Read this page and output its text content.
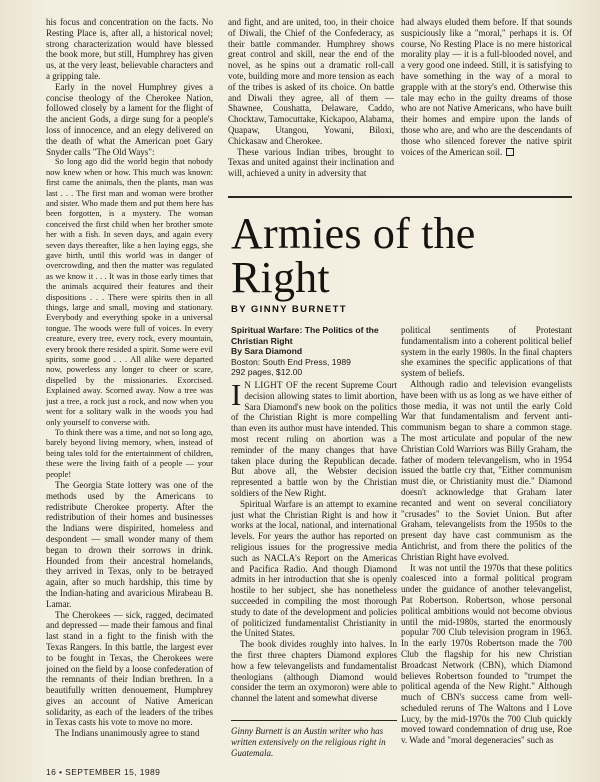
his focus and concentration on the facts. No Resting Place is, after all, a historical novel; strong characterization would have blessed the book more, but still, Humphrey has given us, at the very least, believable characters and a gripping tale.

Early in the novel Humphrey gives a concise theology of the Cherokee Nation, followed closely by a lament for the flight of the ancient Gods, a dirge sung for a people's loss of innocence, and an elegy delivered on the death of what the American poet Gary Snyder calls "The Old Ways":

So long ago did the world begin that nobody now knew when or how. This much was known: first came the animals, then the plants, man was last . . . The first man and woman were brother and sister. Who made them and put them here has been forgotten, is a mystery. The woman conceived the first child when her brother smote her with a fish. In seven days, and again every seven days thereafter, like a hen laying eggs, she gave birth, until this world was in danger of overcrowding, and then the matter was regulated as we know it . . . It was in those early times that the animals acquired their features and their dispositions . . . There were spirits then in all things, large and small, moving and stationary. Everybody and everything spoke in a universal tongue. The woods were full of voices. In every creature, every tree, every rock, every mountain, every brook there resided a spirit. Some were evil spirits, some good . . . All alike were departed now, powerless any longer to cheer or scare, dispelled by the missionaries. Exorcised. Explained away. Scorned away. Now a tree was just a tree, a rock just a rock, and now when you went for a solitary walk in the woods you had only yourself to converse with.

To think there was a time, and not so long ago, barely beyond living memory, when, instead of being tales told for the entertainment of children, these were the living faith of a people — your people!

The Georgia State lottery was one of the methods used by the Americans to redistribute Cherokee property. After the redistribution of their homes and businesses the Indians were dispirited, homeless and despondent — small wonder many of them began to drown their sorrows in drink. Hounded from their ancestral homelands, they arrived in Texas, only to be betrayed again, after so much hardship, this time by the Indian-hating and avaricious Mirabeau B. Lamar.

The Cherokees — sick, ragged, decimated and depressed — made their famous and final last stand in a fight to the finish with the Texas Rangers. In this battle, the largest ever to be fought in Texas, the Cherokees were joined on the field by a loose confederation of the remnants of their Indian brethren. In a beautifully written denouement, Humphrey gives an account of Native American solidarity, as each of the leaders of the tribes in Texas casts his vote to move no more.

The Indians unanimously agree to stand

and fight, and are united, too, in their choice of Diwali, the Chief of the Confederacy, as their battle commander. Humphrey shows great control and skill, near the end of the novel, as he spins out a dramatic roll-call vote, building more and more tension as each of the tribes is asked of its choice. On battle and Diwali they agree, all of them — Shawnee, Coushatta, Delaware, Caddo, Chocktaw, Tamocuttake, Kickapoo, Alabama, Quapaw, Utangou, Yowani, Biloxi, Chickasaw and Cherokee.

These various Indian tribes, brought to Texas and united against their inclination and will, achieved a unity in adversity that

had always eluded them before. If that sounds suspiciously like a "moral," perhaps it is. Of course, No Resting Place is no mere historical morality play — it is a full-blooded novel, and a very good one indeed. Still, it is satisfying to have something in the way of a moral to grapple with at the story's end. Otherwise this tale may echo in the guilty dreams of those who are not Native Americans, who have built their homes and empire upon the lands of those who are, and who are the descendants of those who silenced forever the native spirit voices of the American soil.

Armies of the Right
BY GINNY BURNETT
Spiritual Warfare: The Politics of the Christian Right
By Sara Diamond
Boston: South End Press, 1989
292 pages, $12.00

I N LIGHT OF the recent Supreme Court decision allowing states to limit abortion, Sara Diamond's new book on the politics of the Christian Right is more compelling than even its author must have intended. This most recent ruling on abortion was a reminder of the many changes that have taken place during the Republican decade. But above all, the Webster decision represented a battle won by the Christian soldiers of the New Right.

Spiritual Warfare is an attempt to examine just what the Christian Right is and how it works at the local, national, and international levels. For years the author has reported on religious issues for the progressive media such as NACLA's Report on the Americas and Pacifica Radio. And though Diamond admits in her introduction that she is openly hostile to her subject, she has nonetheless succeeded in compiling the most thorough study to date of the development and policies of politicized fundamentalist Christianity in the United States.

The book divides roughly into halves. In the first three chapters Diamond explores how a few televangelists and fundamentalist theologians (although Diamond would consider the term an oxymoron) were able to channel the latent and somewhat diverse

Ginny Burnett is an Austin writer who has written extensively on the religious right in Guatemala.

political sentiments of Protestant fundamentalism into a coherent political belief system in the early 1980s. In the final chapters she examines the specific applications of that system of beliefs.

Although radio and television evangelists have been with us as long as we have either of those media, it was not until the early Cold War that fundamentalism and fervent anti-communism began to share a common stage. The most articulate and popular of the new Christian Cold Warriors was Billy Graham, the father of modern televangelism, who in 1954 issued the battle cry that, "Either communism must die, or Christianity must die." Diamond doesn't acknowledge that Graham later recanted and went on several conciliatory "crusades" to the Soviet Union. But after Graham, televangelists from the 1950s to the present day have cast communism as the Antichrist, and from there the politics of the Christian Right have evolved.

It was not until the 1970s that these politics coalesced into a formal political program under the guidance of another televangelist, Pat Robertson. Robertson, whose personal political ambitions would not become obvious until the mid-1980s, started the enormously popular 700 Club television program in 1963. In the early 1970s Robertson made the 700 Club the flagship for his new Christian Broadcast Network (CBN), which Diamond believes Robertson founded to "trumpet the political agenda of the New Right." Although much of CBN's success came from well-scheduled reruns of The Waltons and I Love Lucy, by the mid-1970s the 700 Club quickly moved toward condemnation of drug use, Roe v. Wade and "moral degeneracies" such as

16 • SEPTEMBER 15, 1989
